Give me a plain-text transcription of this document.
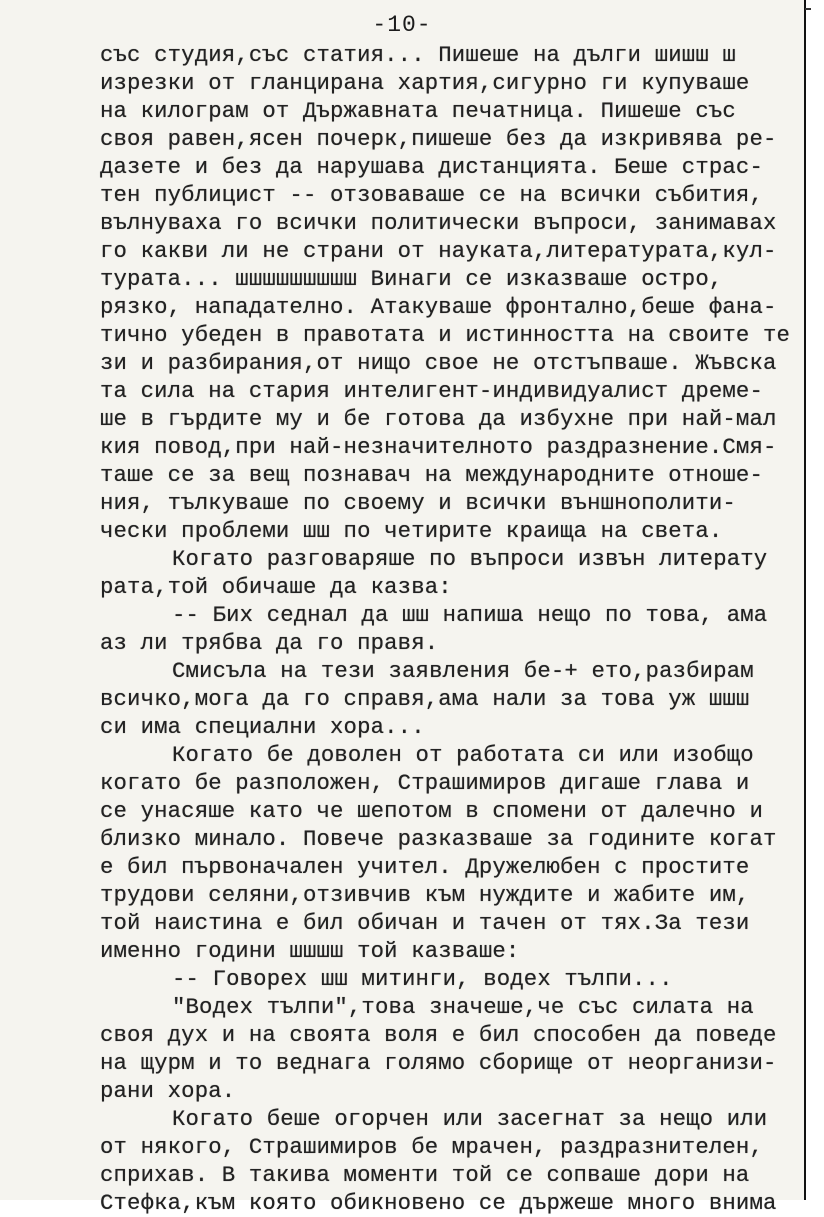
-10-
със студия,със статия... Пишеше на дълги шишш ш
изрезки от гланцирана хартия,сигурно ги купуваше
на килограм от Държавната печатница. Пишеше със
своя равен,ясен почерк,пишеше без да изкривява ре-
дазете и без да нарушава дистанцията. Беше страс-
тен публицист -- отзоваваше се на всички събития,
вълнуваха го всички политически въпроси, занимавах
го какви ли не страни от науката,литературата,кул-
турата... шшшшшшшшш Винаги се изказваше остро,
рязко, нападателно. Атакуваше фронтално,беше фана-
тично убеден в правотата и истинността на своите те
зи и разбирания,от нищо свое не отстъпваше. Жъвска
та сила на стария интелигент-индивидуалист дреме-
ше в гърдите му и бе готова да избухне при най-мал
кия повод,при най-незначителното раздразнение.Смя-
таше се за вещ познавач на международните отноше-
ния, тълкуваше по своему и всички външнополити-
чески проблеми шш по четирите краища на света.
Когато разговаряше по въпроси извън литерату
рата,той обичаше да казва:
-- Бих седнал да шш напиша нещо по това, ама
аз ли трябва да го правя.
Смисъла на тези заявления бе-+ ето,разбирам
всичко,мога да го справя,ама нали за това уж шшш
си има специални хора...
Когато бе доволен от работата си или изобщо
когато бе разположен, Страшимиров дигаше глава и
се унасяше като че шепотом в спомени от далечно и
близко минало. Повече разказваше за годините когат
е бил първоначален учител. Дружелюбен с простите
трудови селяни,отзивчив към нуждите и жабите им,
той наистина е бил обичан и тачен от тях.За тези
именно години шшшш той казваше:
-- Говорех шш митинги, водех тълпи...
"Водех тълпи",това значеше,че със силата на
своя дух и на своята воля е бил способен да поведе
на щурм и то веднага голямо сборище от неорганизи-
рани хора.
Когато беше огорчен или засегнат за нещо или
от някого, Страшимиров бе мрачен, раздразнителен,
сприхав. В такива моменти той се сопваше дори на
Стефка,към която обикновено се държеше много внима
